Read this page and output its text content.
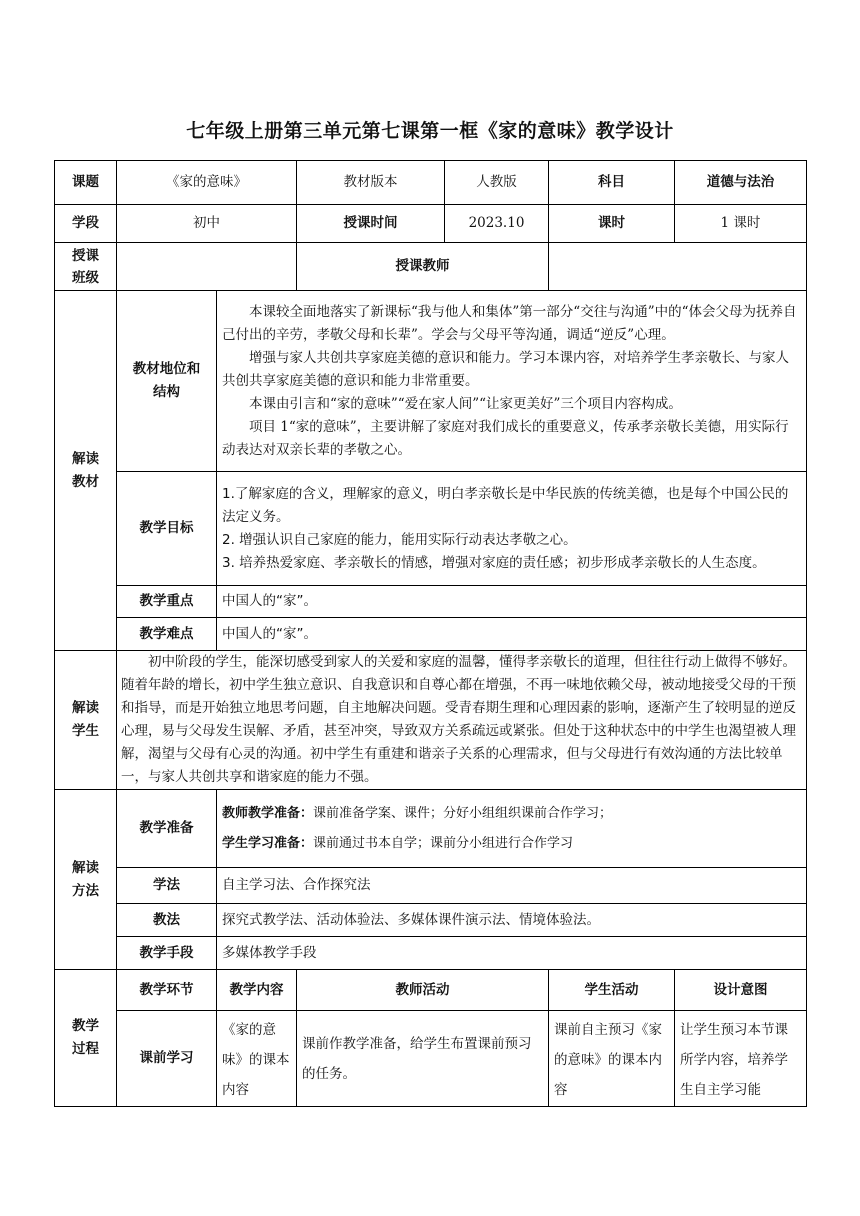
七年级上册第三单元第七课第一框《家的意味》教学设计
课题	《家的意味》		教材版本	人教版	科目	道德与法治
学段	初中		授课时间	2023.10	课时	1 课时

授课班级			授课教师			

解读教材	教材地位和结构	本课较全面地落实了新课标“我与他人和集体”第一部分“交往与沟通”中的“体会父母为抚养自己付出的辛劳，孝敬父母和长辈”。学会与父母平等沟通，调适“逆反”心理。

增强与家人共创共享家庭美德的意识和能力。学习本课内容，对培养学生孝亲敬长、与家人共创共享家庭美德的意识和能力非常重要。

本课由引言和“家的意味”“爱在家人间”“让家更美好”三个项目内容构成。

项目 1“家的意味”，主要讲解了家庭对我们成长的重要意义，传承孝亲敬长美德，用实际行动表达对双亲长辈的孝敬之心。				

	教学目标	1.了解家庭的含义，理解家的意义，明白孝亲敬长是中华民族的传统美德，也是每个中国公民的法定义务。

2. 增强认识自己家庭的能力，能用实际行动表达孝敬之心。

3. 培养热爱家庭、孝亲敬长的情感，增强对家庭的责任感；初步形成孝亲敬长的人生态度。				

	教学重点	中国人的“家”。				
	教学难点	中国人的“家”。				

解读学生	初中阶段的学生，能深切感受到家人的关爱和家庭的温馨，懂得孝亲敬长的道理，但往往行动上做得不够好。随着年龄的增长，初中学生独立意识、自我意识和自尊心都在增强，不再一味地依赖父母，被动地接受父母的干预和指导，而是开始独立地思考问题，自主地解决问题。受青春期生理和心理因素的影响，逐渐产生了较明显的逆反心理，易与父母发生误解、矛盾，甚至冲突，导致双方关系疏远或紧张。但处于这种状态中的中学生也渴望被人理解，渴望与父母有心灵的沟通。初中学生有重建和谐亲子关系的心理需求，但与父母进行有效沟通的方法比较单一，与家人共创共享和谐家庭的能力不强。					

解读方法	教学准备	教师教学准备：课前准备学案、课件；分好小组组织课前合作学习；
学生学习准备：课前通过书本自学；课前分小组进行合作学习				

	学法	自主学习法、合作探究法				
	教法	探究式教学法、活动体验法、多媒体课件演示法、情境体验法。				
	教学手段	多媒体教学手段				

教学过程	教学环节	教学内容	教师活动		学生活动	设计意图
	课前学习	《家的意味》的课本内容	课前作教学准备，给学生布置课前预习的任务。		课前自主预习《家的意味》的课本内容	让学生预习本节课所学内容，培养学生自主学习能
